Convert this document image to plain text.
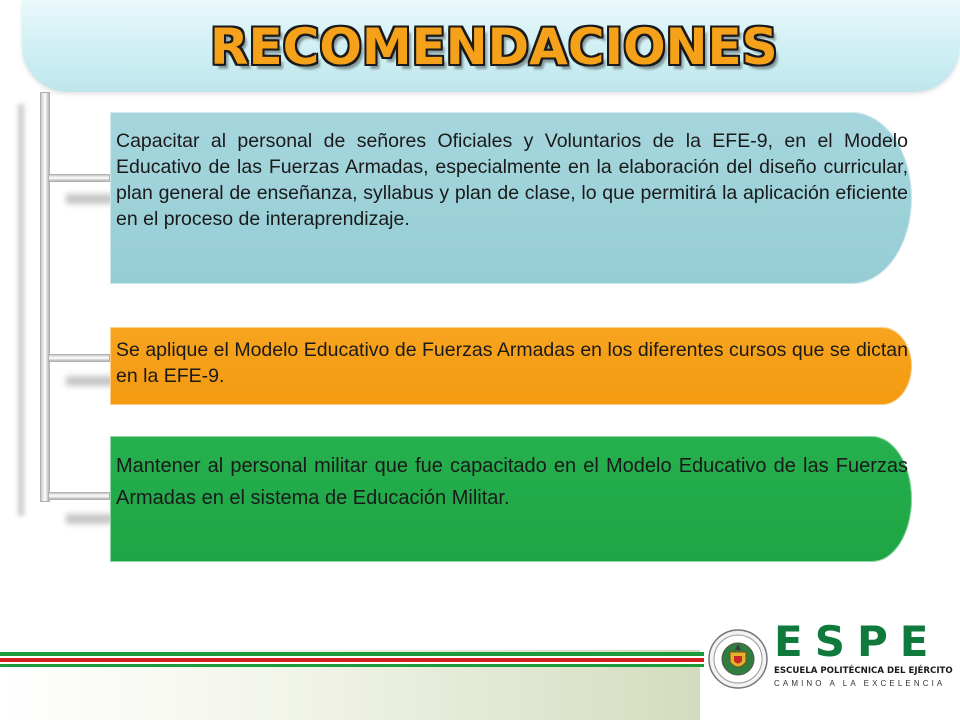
RECOMENDACIONES

Capacitar al personal de señores Oficiales y Voluntarios de la EFE-9, en el Modelo Educativo de las Fuerzas Armadas, especialmente en la elaboración del diseño curricular, plan general de enseñanza, syllabus y plan de clase, lo que permitirá la aplicación eficiente en el proceso de interaprendizaje.

Se aplique el Modelo Educativo de Fuerzas Armadas en los diferentes cursos que se dictan en la EFE-9.

Mantener al personal militar que fue capacitado en el Modelo Educativo de las Fuerzas Armadas en el sistema de Educación Militar.

ESPE
ESCUELA POLITÉCNICA DEL EJÉRCITO
CAMINO A LA EXCELENCIA
